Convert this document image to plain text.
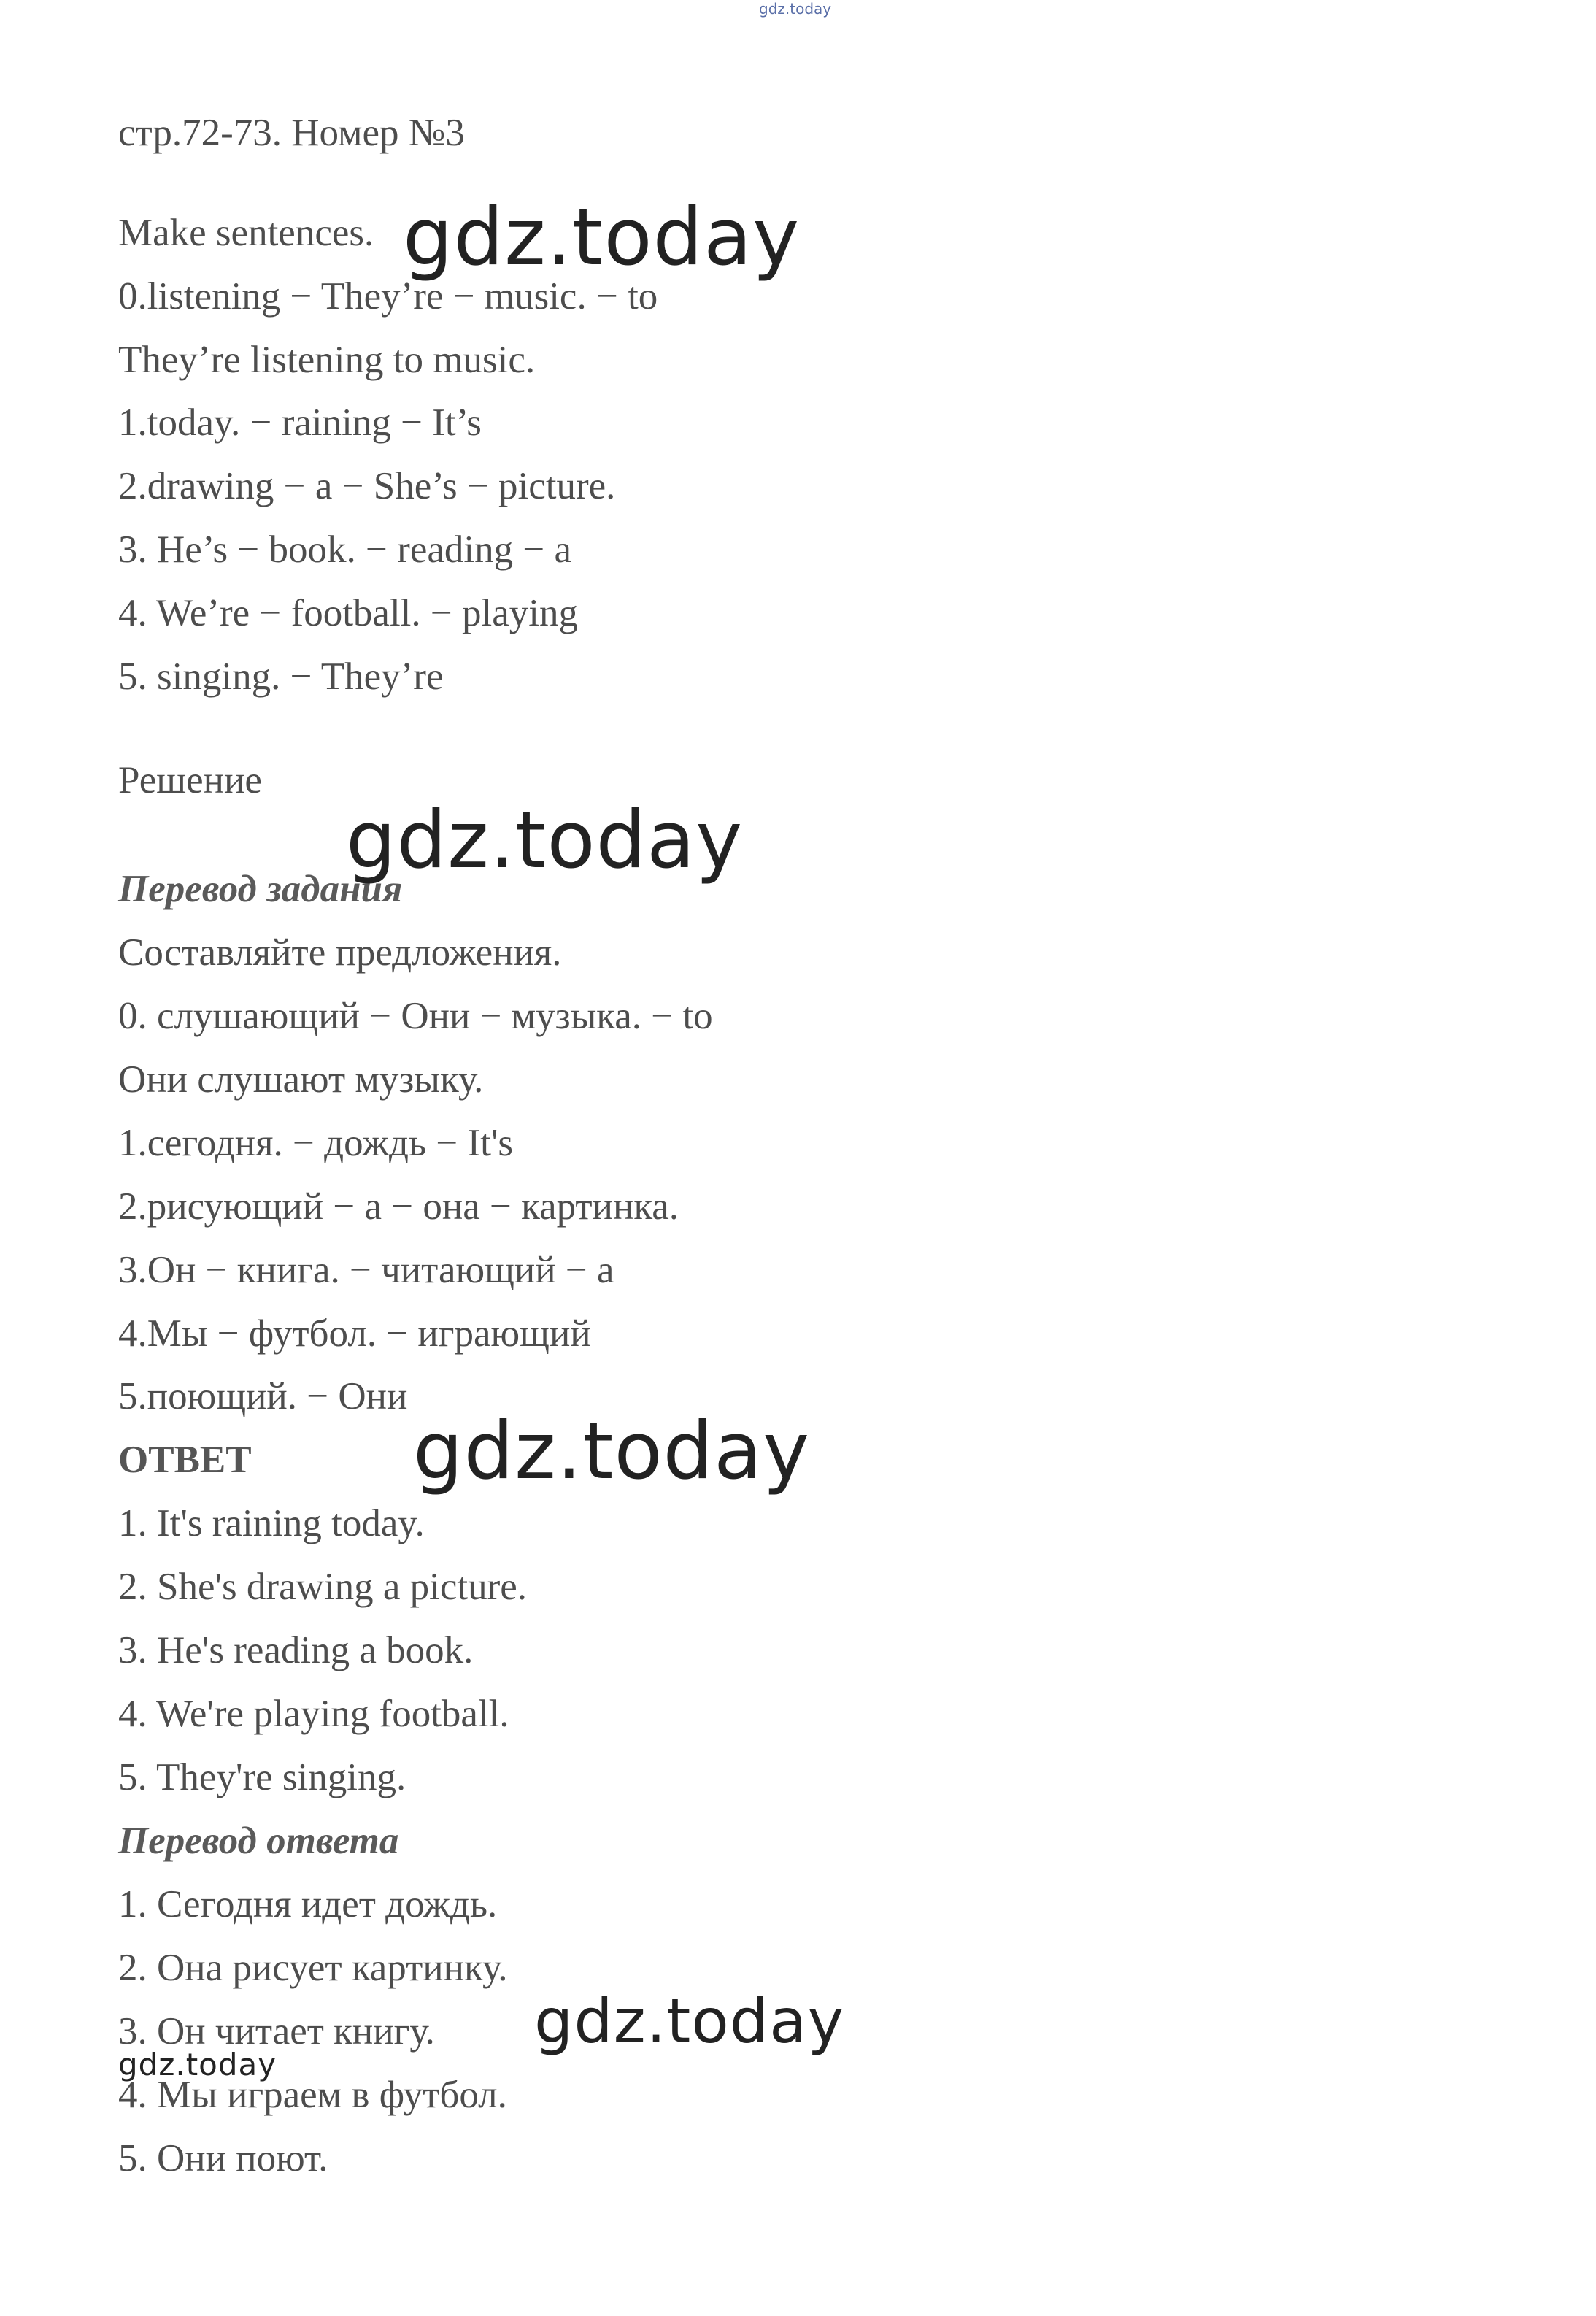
gdz.today
стр.72-73. Номер №3
Make sentences.
0.listening − They’re − music. − to
They’re listening to music.
1.today. − raining − It’s
2.drawing − a − She’s − picture.
3. He’s − book. − reading − a
4. We’re − football. − playing
5. singing. − They’re
Решение
Перевод задания
Составляйте предложения.
0. слушающий − Они − музыка. − to
Они слушают музыку.
1.сегодня. − дождь − It's
2.рисующий − a − она − картинка.
3.Он − книга. − читающий − a
4.Мы − футбол. − играющий
5.поющий. − Они
ОТВЕТ
1. It's raining today.
2. She's drawing a picture.
3. He's reading a book.
4. We're playing football.
5. They're singing.
Перевод ответа
1. Сегодня идет дождь.
2. Она рисует картинку.
3. Он читает книгу.
4. Мы играем в футбол.
5. Они поют.
gdz.today
gdz.today
gdz.today
gdz.today
gdz.today
